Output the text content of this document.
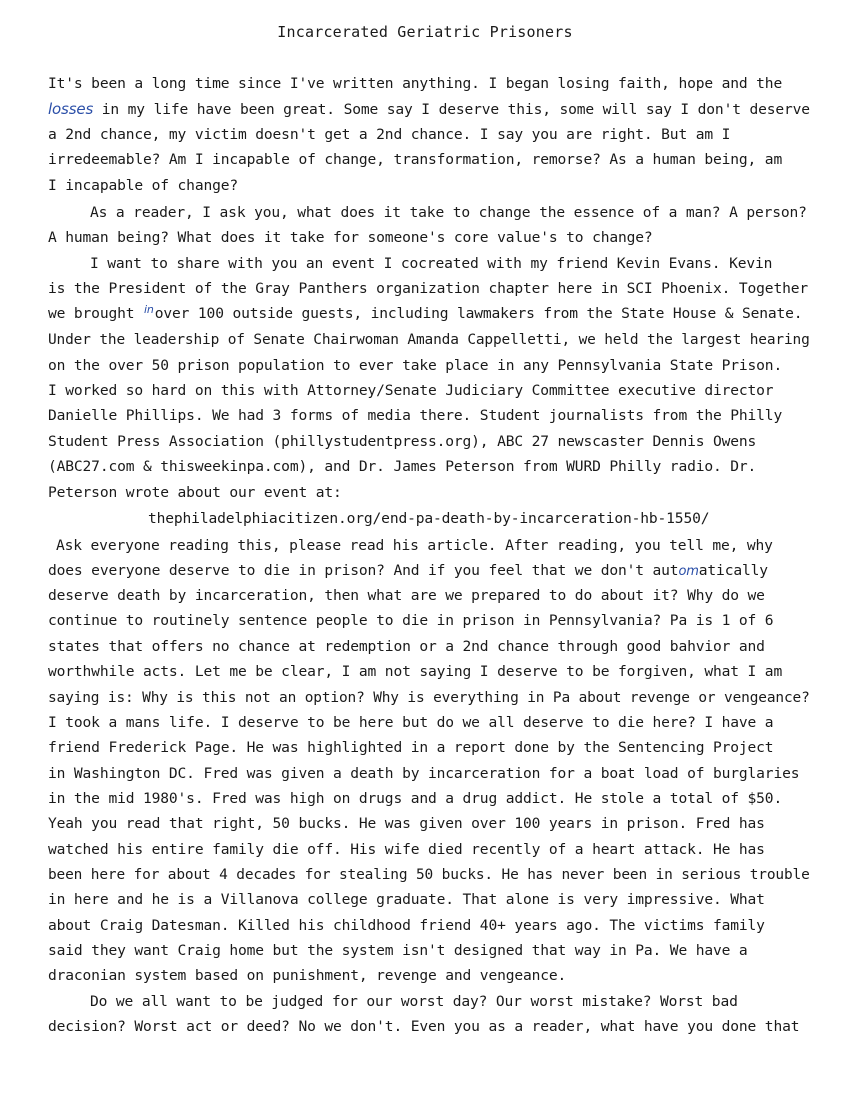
Incarcerated Geriatric Prisoners
It's been a long time since I've written anything. I began losing faith, hope and the
losses in my life have been great. Some say I deserve this, some will say I don't deserve
a 2nd chance, my victim doesn't get a 2nd chance. I say you are right. But am I
irredeemable? Am I incapable of change, transformation, remorse? As a human being, am
I incapable of change?
As a reader, I ask you, what does it take to change the essence of a man? A person?
A human being? What does it take for someone's core value's to change?
I want to share with you an event I cocreated with my friend Kevin Evans. Kevin
is the President of the Gray Panthers organization chapter here in SCI Phoenix. Together
we brought $^{in}$over 100 outside guests, including lawmakers from the State House & Senate.
Under the leadership of Senate Chairwoman Amanda Cappelletti, we held the largest hearing
on the over 50 prison population to ever take place in any Pennsylvania State Prison.
I worked so hard on this with Attorney/Senate Judiciary Committee executive director
Danielle Phillips. We had 3 forms of media there. Student journalists from the Philly
Student Press Association (phillystudentpress.org), ABC 27 newscaster Dennis Owens
(ABC27.com & thisweekinpa.com), and Dr. James Peterson from WURD Philly radio. Dr.
Peterson wrote about our event at:
thephiladelphiacitizen.org/end-pa-death-by-incarceration-hb-1550/
Ask everyone reading this, please read his article. After reading, you tell me, why
does everyone deserve to die in prison? And if you feel that we don't automatically
deserve death by incarceration, then what are we prepared to do about it? Why do we
continue to routinely sentence people to die in prison in Pennsylvania? Pa is 1 of 6
states that offers no chance at redemption or a 2nd chance through good bahvior and
worthwhile acts. Let me be clear, I am not saying I deserve to be forgiven, what I am
saying is: Why is this not an option? Why is everything in Pa about revenge or vengeance?
I took a mans life. I deserve to be here but do we all deserve to die here? I have a
friend Frederick Page. He was highlighted in a report done by the Sentencing Project
in Washington DC. Fred was given a death by incarceration for a boat load of burglaries
in the mid 1980's. Fred was high on drugs and a drug addict. He stole a total of $50.
Yeah you read that right, 50 bucks. He was given over 100 years in prison. Fred has
watched his entire family die off. His wife died recently of a heart attack. He has
been here for about 4 decades for stealing 50 bucks. He has never been in serious trouble
in here and he is a Villanova college graduate. That alone is very impressive. What
about Craig Datesman. Killed his childhood friend 40+ years ago. The victims family
said they want Craig home but the system isn't designed that way in Pa. We have a
draconian system based on punishment, revenge and vengeance.
Do we all want to be judged for our worst day? Our worst mistake? Worst bad
decision? Worst act or deed? No we don't. Even you as a reader, what have you done that
